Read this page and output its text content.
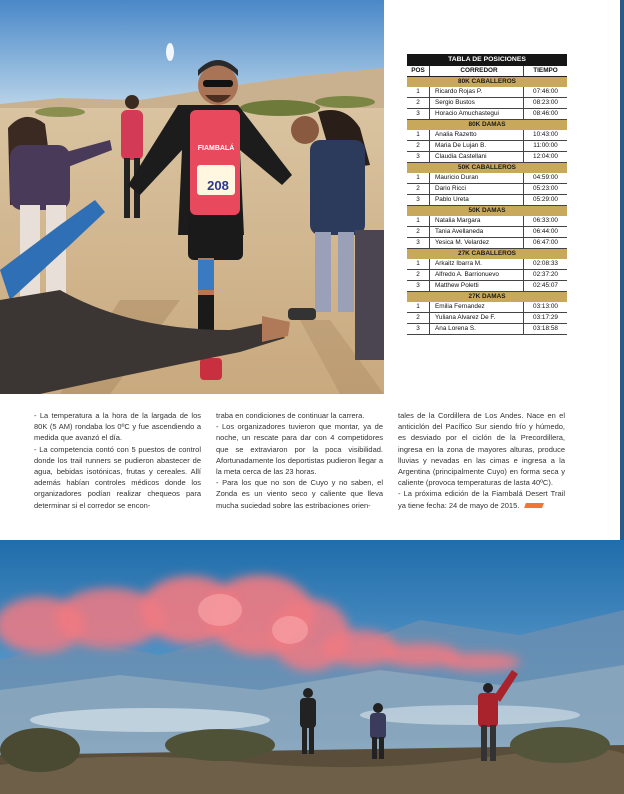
FIAMBALÁ
208
TABLA DE POSICIONES		
POS	CORREDOR	TIEMPO
80K CABALLEROS		
1	Ricardo Rojas P.	07:46:00
2	Sergio Bustos	08:23:00
3	Horacio Amuchastegui	08:46:00
80K DAMAS		
1	Analia Razetto	10:43:00
2	Maria De Lujan B.	11:00:00
3	Claudia Castellani	12:04:00
50K CABALLEROS		
1	Mauricio Duran	04:59:00
2	Dario Ricci	05:23:00
3	Pablo Ureta	05:29:00
50K DAMAS		
1	Natalia Margara	06:33:00
2	Tania Avellaneda	06:44:00
3	Yesica M. Velardez	06:47:00
27K CABALLEROS		
1	Arkaitz Ibarra M.	02:08:33
2	Alfredo A. Barrionuevo	02:37:20
3	Matthew Poletti	02:45:07
27K DAMAS		
1	Emilia Fernandez	03:13:00
2	Yuliana Alvarez De F.	03:17:29
3	Ana Lorena S.	03:18:58

- La temperatura a la hora de la largada de los 80K (5 AM) rondaba los 0ºC y fue ascendiendo a medida que avanzó el día.

- La competencia contó con 5 puestos de control donde los trail runners se pudieron abastecer de agua, bebidas isotónicas, frutas y cereales. Allí además habían controles médicos donde los organizadores podían realizar chequeos para determinar si el corredor se encon-

traba en condiciones de continuar la carrera.

- Los organizadores tuvieron que montar, ya de noche, un rescate para dar con 4 competidores que se extraviaron por la poca visibilidad. Afortunadamente los deportistas pudieron llegar a la meta cerca de las 23 horas.

- Para los que no son de Cuyo y no saben, el Zonda es un viento seco y caliente que lleva mucha suciedad sobre las estribaciones orien-

tales de la Cordillera de Los Andes. Nace en el anticiclón del Pacífico Sur siendo frío y húmedo, es desviado por el ciclón de la Precordillera, ingresa en la zona de mayores alturas, produce lluvias y nevadas en las cimas e ingresa a la Argentina (principalmente Cuyo) en forma seca y caliente (provoca temperaturas de lasta 40ºC).

- La próxima edición de la Fiambalá Desert Trail ya tiene fecha: 24 de mayo de 2015.
